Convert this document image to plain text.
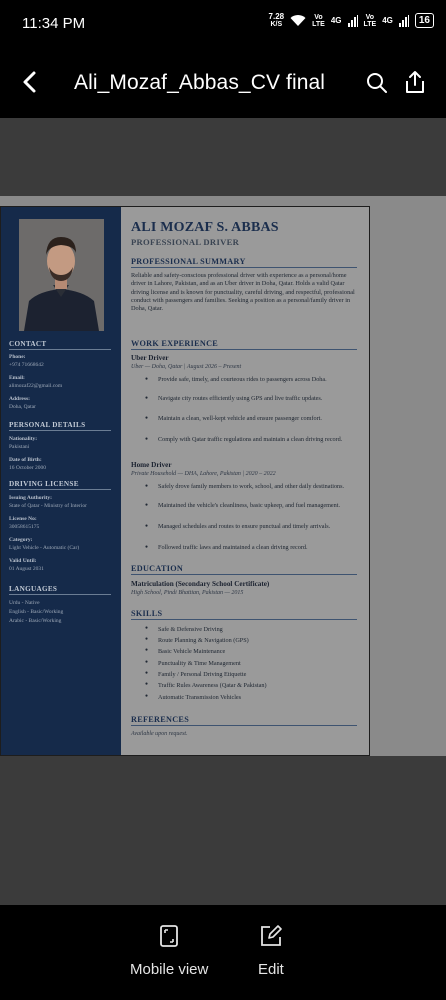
11:34 PM	7.28
K/S
Vo
LTE 4G	Vo
LTE 4G	16
Ali_Mozaf_Abbas_CV final
CONTACT
Phone:
+974 71668642
Email:
alimozaf22@gmail.com
Address:
Doha, Qatar
PERSONAL DETAILS
Nationality:
Pakistani
Date of Birth:
16 October 2000
DRIVING LICENSE
Issuing Authority:
State of Qatar - Ministry of Interior
License No:
30058615175
Category:
Light Vehicle - Automatic (Car)
Valid Until:
01 August 2031
LANGUAGES
Urdu - Native
English - Basic/Working
Arabic - Basic/Working
ALI MOZAF S. ABBAS
PROFESSIONAL DRIVER
PROFESSIONAL SUMMARY
Reliable and safety-conscious professional driver with experience as a personal/home driver in Lahore, Pakistan, and as an Uber driver in Doha, Qatar. Holds a valid Qatar driving license and is known for punctuality, careful driving, and respectful, professional conduct with passengers and families. Seeking a position as a personal/family driver in Doha, Qatar.
WORK EXPERIENCE
Uber Driver
Uber — Doha, Qatar | August 2026 – Present
● Provide safe, timely, and courteous rides to passengers across Doha.
● Navigate city routes efficiently using GPS and live traffic updates.
● Maintain a clean, well-kept vehicle and ensure passenger comfort.
● Comply with Qatar traffic regulations and maintain a clean driving record.
Home Driver
Private Household — DHA, Lahore, Pakistan | 2020 – 2022
● Safely drove family members to work, school, and other daily destinations.
● Maintained the vehicle's cleanliness, basic upkeep, and fuel management.
● Managed schedules and routes to ensure punctual and timely arrivals.
● Followed traffic laws and maintained a clean driving record.
EDUCATION
Matriculation (Secondary School Certificate)
High School, Pindi Bhattian, Pakistan — 2015
SKILLS
● Safe & Defensive Driving
● Route Planning & Navigation (GPS)
● Basic Vehicle Maintenance
● Punctuality & Time Management
● Family / Personal Driving Etiquette
● Traffic Rules Awareness (Qatar & Pakistan)
● Automatic Transmission Vehicles
REFERENCES
Available upon request.
Mobile view	Edit
